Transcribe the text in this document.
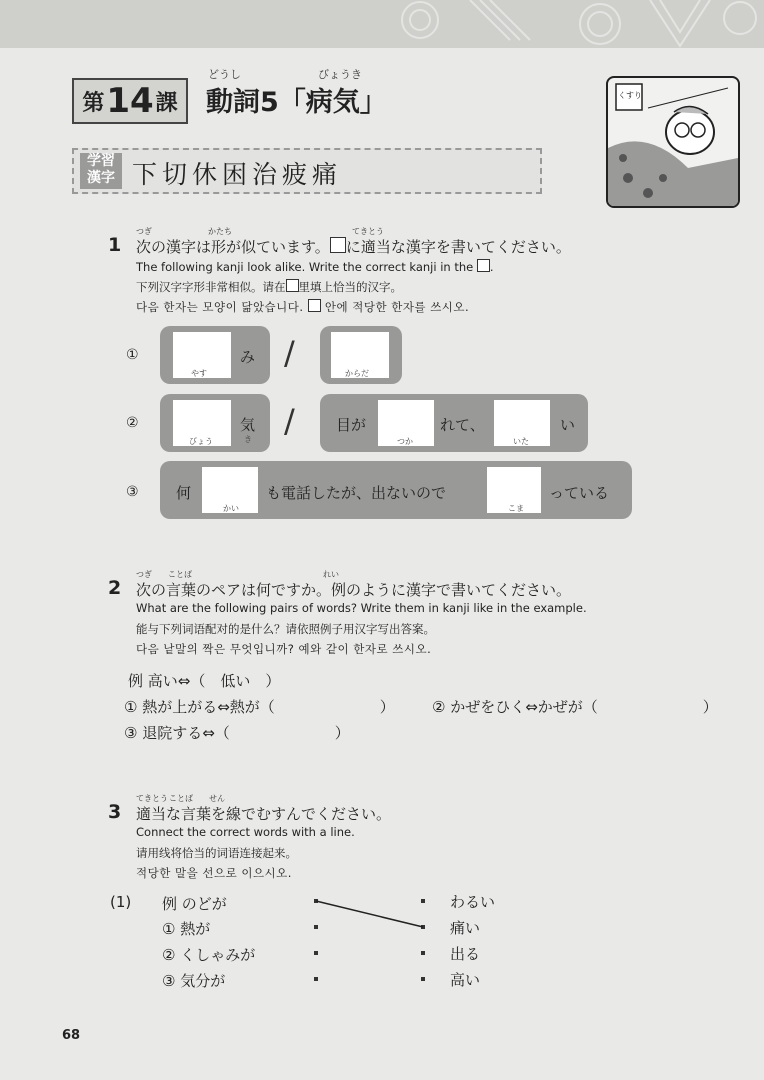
第 14 課
どうし	びょうき
動詞5「病気」	くすり
学習
漢字 下切休困治疲痛
1
つぎ	かたち	てきとう
次の漢字は形が似ています。 に適当な漢字を書いてください。
The following kanji look alike. Write the correct kanji in the .
下列汉字字形非常相似。请在 里填上恰当的汉字。
다음 한자는 모양이 닮았습니다. 안에 적당한 한자를 쓰시오.
①
やす
み /
からだ
②
びょう
気
き /	目が
つか
れて、
いた
い
③ 何
かい
も電話したが、出ないので
こま
っている
2
つぎ ことば	れい
次の言葉のペアは何ですか。例のように漢字で書いてください。
What are the following pairs of words? Write them in kanji like in the example.
能与下列词语配对的是什么？请依照例子用汉字写出答案。
다음 낱말의 짝은 무엇입니까? 예와 같이 한자로 쓰시오.
例 高い⇔（　低い　）
① 熱が上がる⇔熱が（　　　　　　　） ② かぜをひく⇔かぜが（　　　　　　　）
③ 退院する⇔（　　　　　　　）
3
てきとう ことば せん
適当な言葉を線でむすんでください。
Connect the correct words with a line.
请用线将恰当的词语连接起来。
적당한 말을 선으로 이으시오.
(1) 例 のどが
① 熱が
② くしゃみが
③ 気分が
わるい
痛い
出る
高い
68
